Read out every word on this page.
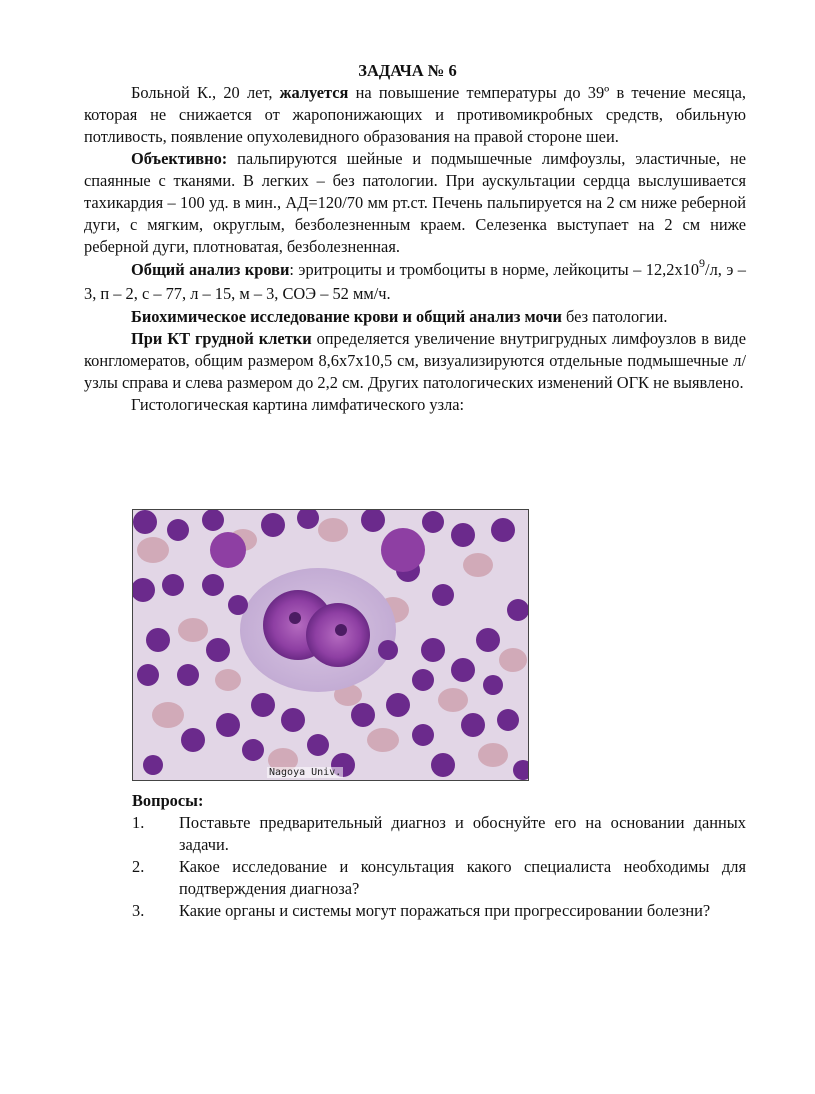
ЗАДАЧА № 6

Больной К., 20 лет, жалуется на повышение температуры до 39º в течение месяца, которая не снижается от жаропонижающих и противомикробных средств, обильную потливость, появление опухолевидного образования на правой стороне шеи.

Объективно: пальпируются шейные и подмышечные лимфоузлы, эластичные, не спаянные с тканями. В легких – без патологии. При аускультации сердца выслушивается тахикардия – 100 уд. в мин., АД=120/70 мм рт.ст. Печень пальпируется на 2 см ниже реберной дуги, с мягким, округлым, безболезненным краем. Селезенка выступает на 2 см ниже реберной дуги, плотноватая, безболезненная.

Общий анализ крови: эритроциты и тромбоциты в норме, лейкоциты – $12,2х10^9/л$, э – 3, п – 2, с – 77, л – 15, м – 3, СОЭ – 52 мм/ч.

Биохимическое исследование крови и общий анализ мочи без патологии.

При КТ грудной клетки определяется увеличение внутригрудных лимфоузлов в виде конгломератов, общим размером 8,6х7х10,5 см, визуализируются отдельные подмышечные л/узлы справа и слева размером до 2,2 см. Других патологических изменений ОГК не выявлено.

Гистологическая картина лимфатического узла:

Nagoya Univ.
Вопросы:
1.	Поставьте предварительный диагноз и обоснуйте его на основании данных задачи.
2.	Какое исследование и консультация какого специалиста необходимы для подтверждения диагноза?
3.	Какие органы и системы могут поражаться при прогрессировании болезни?
